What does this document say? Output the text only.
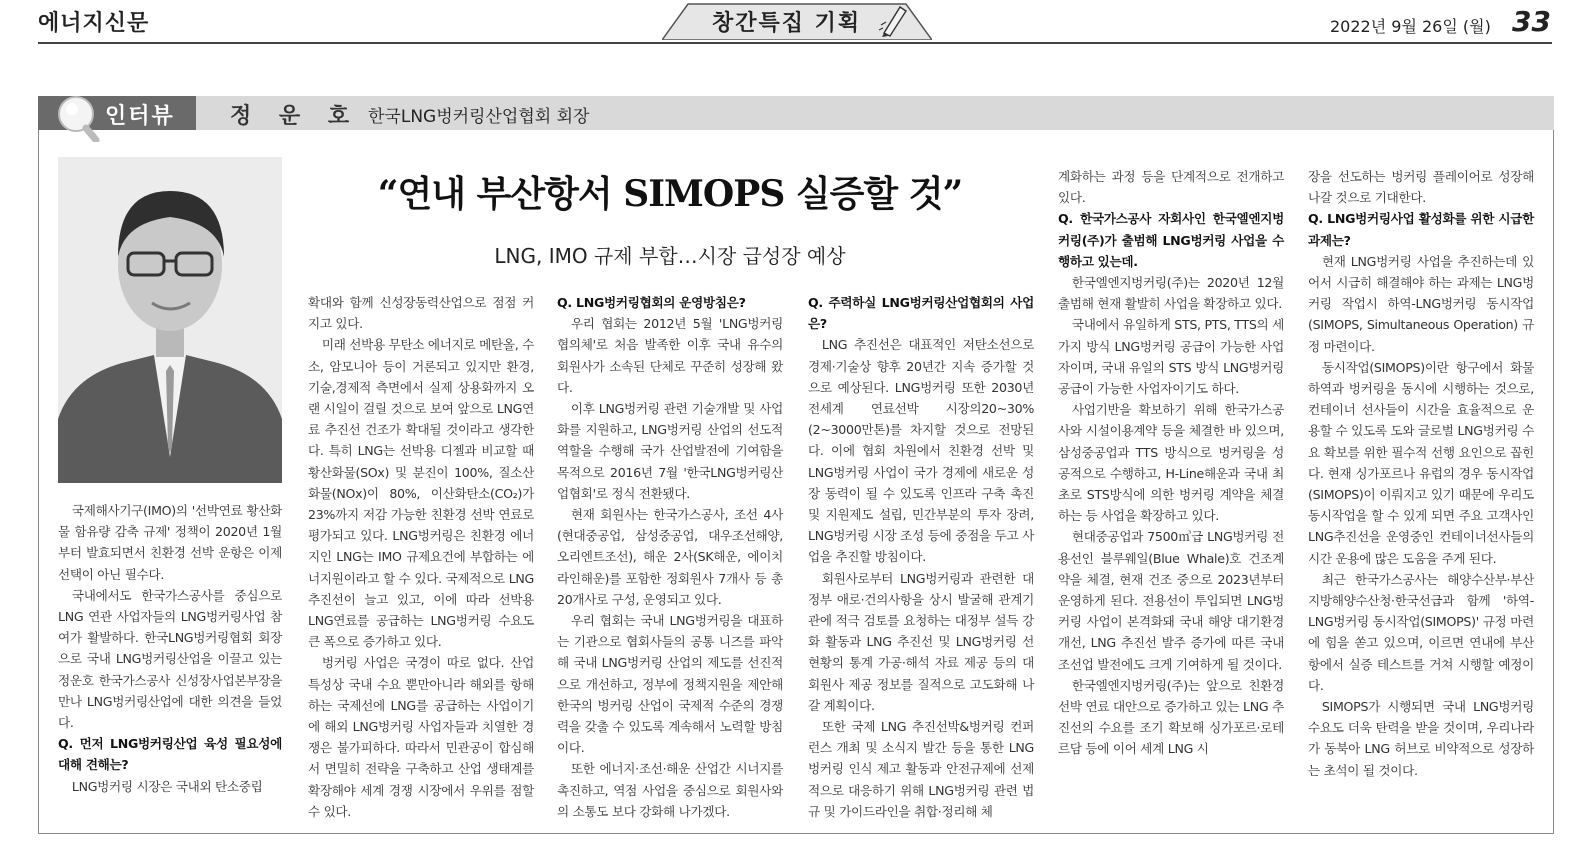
에너지신문	창간특집 기획	2022년 9월 26일 (월) 33
인터뷰	정 운 호 한국LNG벙커링산업협회 회장
“연내 부산항서 SIMOPS 실증할 것”
LNG, IMO 규제 부합…시장 급성장 예상

국제해사기구(IMO)의 '선박연료 황산화물 함유량 감축 규제' 정책이 2020년 1월부터 발효되면서 친환경 선박 운항은 이제 선택이 아닌 필수다.

국내에서도 한국가스공사를 중심으로 LNG 연관 사업자들의 LNG벙커링사업 참여가 활발하다. 한국LNG벙커링협회 회장으로 국내 LNG벙커링산업을 이끌고 있는 정운호 한국가스공사 신성장사업본부장을 만나 LNG벙커링산업에 대한 의견을 들었다.

Q. 먼저 LNG벙커링산업 육성 필요성에 대해 견해는?

LNG벙커링 시장은 국내외 탄소중립

확대와 함께 신성장동력산업으로 점점 커지고 있다.

미래 선박용 무탄소 에너지로 메탄올, 수소, 암모니아 등이 거론되고 있지만 환경,기술,경제적 측면에서 실제 상용화까지 오랜 시일이 걸릴 것으로 보여 앞으로 LNG연료 추진선 건조가 확대될 것이라고 생각한다. 특히 LNG는 선박용 디젤과 비교할 때 황산화물(SOx) 및 분진이 100%, 질소산화물(NOx)이 80%, 이산화탄소(CO₂)가 23%까지 저감 가능한 친환경 선박 연료로 평가되고 있다. LNG벙커링은 친환경 에너지인 LNG는 IMO 규제요건에 부합하는 에너지원이라고 할 수 있다. 국제적으로 LNG추진선이 늘고 있고, 이에 따라 선박용 LNG연료를 공급하는 LNG벙커링 수요도 큰 폭으로 증가하고 있다.

벙커링 사업은 국경이 따로 없다. 산업 특성상 국내 수요 뿐만아니라 해외를 항해하는 국제선에 LNG를 공급하는 사업이기에 해외 LNG벙커링 사업자들과 치열한 경쟁은 불가피하다. 따라서 민관공이 합심해서 면밀히 전략을 구축하고 산업 생태계를 확장해야 세계 경쟁 시장에서 우위를 점할 수 있다.

Q. LNG벙커링협회의 운영방침은?

우리 협회는 2012년 5월 'LNG벙커링협의체'로 처음 발족한 이후 국내 유수의 회원사가 소속된 단체로 꾸준히 성장해 왔다.

이후 LNG벙커링 관련 기술개발 및 사업화를 지원하고, LNG벙커링 산업의 선도적 역할을 수행해 국가 산업발전에 기여함을 목적으로 2016년 7월 '한국LNG벙커링산업협회'로 정식 전환됐다.

현재 회원사는 한국가스공사, 조선 4사(현대중공업, 삼성중공업, 대우조선해양, 오리엔트조선), 해운 2사(SK해운, 에이치라인해운)를 포함한 정회원사 7개사 등 총 20개사로 구성, 운영되고 있다.

우리 협회는 국내 LNG벙커링을 대표하는 기관으로 협회사들의 공통 니즈를 파악해 국내 LNG벙커링 산업의 제도를 선진적으로 개선하고, 정부에 정책지원을 제안해 한국의 벙커링 산업이 국제적 수준의 경쟁력을 갖출 수 있도록 계속해서 노력할 방침이다.

또한 에너지·조선·해운 산업간 시너지를 촉진하고, 역점 사업을 중심으로 회원사와의 소통도 보다 강화해 나가겠다.

Q. 주력하실 LNG벙커링산업협회의 사업은?

LNG 추진선은 대표적인 저탄소선으로 경제·기술상 향후 20년간 지속 증가할 것으로 예상된다. LNG벙커링 또한 2030년 전세계 연료선박 시장의20~30%(2~3000만톤)를 차지할 것으로 전망된다. 이에 협회 차원에서 친환경 선박 및 LNG벙커링 사업이 국가 경제에 새로운 성장 동력이 될 수 있도록 인프라 구축 촉진 및 지원제도 설립, 민간부분의 투자 장려, LNG벙커링 시장 조성 등에 중점을 두고 사업을 추진할 방침이다.

회원사로부터 LNG벙커링과 관련한 대정부 애로·건의사항을 상시 발굴해 관계기관에 적극 검토를 요청하는 대정부 설득 강화 활동과 LNG 추진선 및 LNG벙커링 선 현황의 통계 가공·해석 자료 제공 등의 대 회원사 제공 정보를 질적으로 고도화해 나갈 계획이다.

또한 국제 LNG 추진선박&벙커링 컨퍼런스 개최 및 소식지 발간 등을 통한 LNG벙커링 인식 제고 활동과 안전규제에 선제적으로 대응하기 위해 LNG벙커링 관련 법규 및 가이드라인을 취합·정리해 체

계화하는 과정 등을 단계적으로 전개하고 있다.

Q. 한국가스공사 자회사인 한국엘엔지벙커링(주)가 출범해 LNG벙커링 사업을 수행하고 있는데.

한국엘엔지벙커링(주)는 2020년 12월 출범해 현재 활발히 사업을 확장하고 있다.

국내에서 유일하게 STS, PTS, TTS의 세가지 방식 LNG벙커링 공급이 가능한 사업자이며, 국내 유일의 STS 방식 LNG벙커링 공급이 가능한 사업자이기도 하다.

사업기반을 확보하기 위해 한국가스공사와 시설이용계약 등을 체결한 바 있으며, 삼성중공업과 TTS 방식으로 벙커링을 성공적으로 수행하고, H-Line해운과 국내 최초로 STS방식에 의한 벙커링 계약을 체결하는 등 사업을 확장하고 있다.

현대중공업과 7500㎥급 LNG벙커링 전용선인 블루웨일(Blue Whale)호 건조계약을 체결, 현재 건조 중으로 2023년부터 운영하게 된다. 전용선이 투입되면 LNG벙커링 사업이 본격화돼 국내 해양 대기환경 개선, LNG 추진선 발주 증가에 따른 국내 조선업 발전에도 크게 기여하게 될 것이다.

한국엘엔지벙커링(주)는 앞으로 친환경 선박 연료 대안으로 증가하고 있는 LNG 추진선의 수요를 조기 확보해 싱가포르·로테르담 등에 이어 세계 LNG 시

장을 선도하는 벙커링 플레이어로 성장해 나갈 것으로 기대한다.

Q. LNG벙커링사업 활성화를 위한 시급한 과제는?

현재 LNG벙커링 사업을 추진하는데 있어서 시급히 해결해야 하는 과제는 LNG벙커링 작업시 하역-LNG벙커링 동시작업(SIMOPS, Simultaneous Operation) 규정 마련이다.

동시작업(SIMOPS)이란 항구에서 화물하역과 벙커링을 동시에 시행하는 것으로, 컨테이너 선사들이 시간을 효율적으로 운용할 수 있도록 도와 글로벌 LNG벙커링 수요 확보를 위한 필수적 선행 요인으로 꼽힌다. 현재 싱가포르나 유럽의 경우 동시작업(SIMOPS)이 이뤄지고 있기 때문에 우리도 동시작업을 할 수 있게 되면 주요 고객사인 LNG추진선을 운영중인 컨테이너선사들의 시간 운용에 많은 도움을 주게 된다.

최근 한국가스공사는 해양수산부·부산지방해양수산청·한국선급과 함께 '하역-LNG벙커링 동시작업(SIMOPS)' 규정 마련에 힘을 쏟고 있으며, 이르면 연내에 부산항에서 실증 테스트를 거쳐 시행할 예정이다.

SIMOPS가 시행되면 국내 LNG벙커링 수요도 더욱 탄력을 받을 것이며, 우리나라가 동북아 LNG 허브로 비약적으로 성장하는 초석이 될 것이다.
